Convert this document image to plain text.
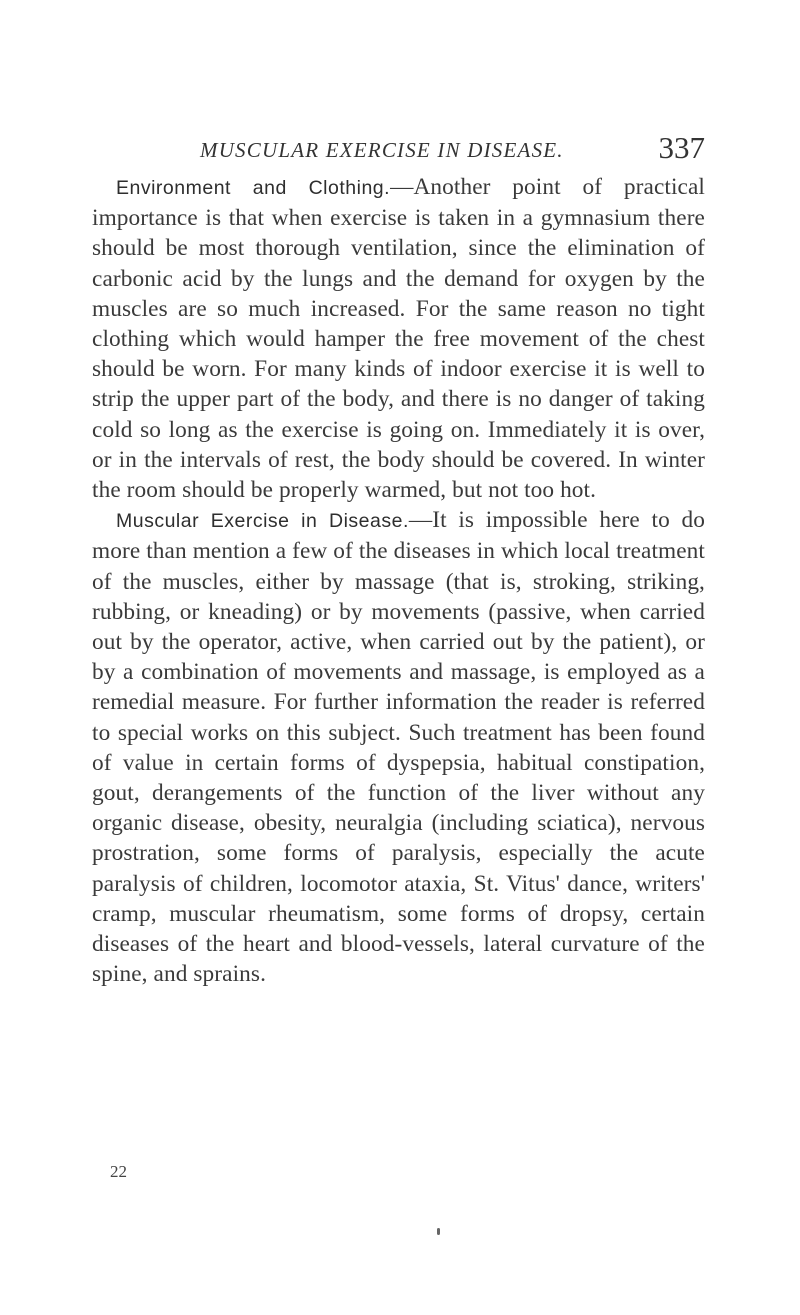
MUSCULAR EXERCISE IN DISEASE.	337

Environment and Clothing.—Another point of practical importance is that when exercise is taken in a gymnasium there should be most thorough ventilation, since the elimination of carbonic acid by the lungs and the demand for oxygen by the muscles are so much increased. For the same reason no tight clothing which would hamper the free movement of the chest should be worn. For many kinds of indoor exercise it is well to strip the upper part of the body, and there is no danger of taking cold so long as the exercise is going on. Immediately it is over, or in the intervals of rest, the body should be covered. In winter the room should be properly warmed, but not too hot.

Muscular Exercise in Disease.—It is impossible here to do more than mention a few of the diseases in which local treatment of the muscles, either by massage (that is, stroking, striking, rubbing, or kneading) or by movements (passive, when carried out by the operator, active, when carried out by the patient), or by a combination of movements and massage, is employed as a remedial measure. For further information the reader is referred to special works on this subject. Such treatment has been found of value in certain forms of dyspepsia, habitual constipation, gout, derangements of the function of the liver without any organic disease, obesity, neuralgia (including sciatica), nervous prostration, some forms of paralysis, especially the acute paralysis of children, locomotor ataxia, St. Vitus' dance, writers' cramp, muscular rheumatism, some forms of dropsy, certain diseases of the heart and blood-vessels, lateral curvature of the spine, and sprains.

22
